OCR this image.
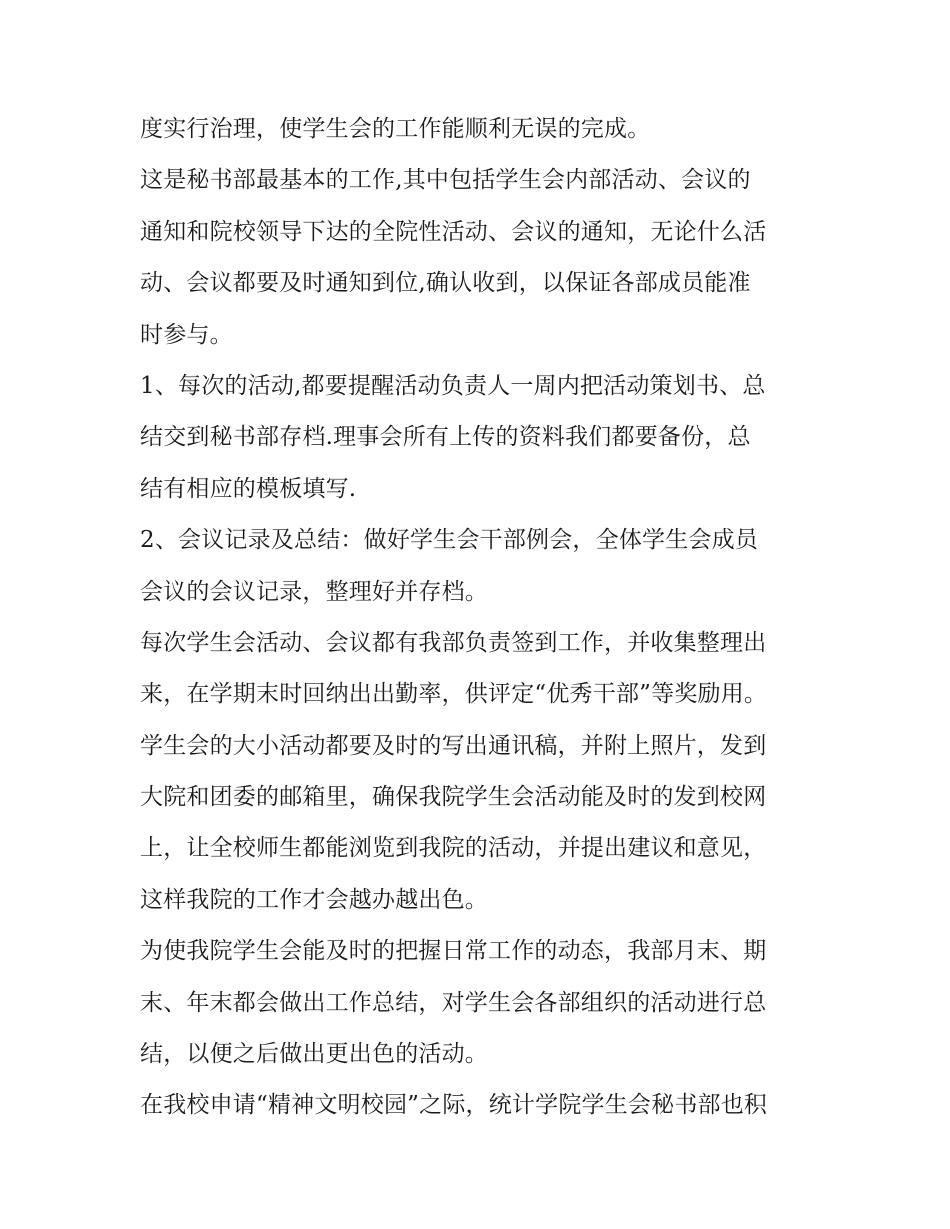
度实行治理，使学生会的工作能顺利无误的完成。
这是秘书部最基本的工作,其中包括学生会内部活动、会议的
通知和院校领导下达的全院性活动、会议的通知，无论什么活
动、会议都要及时通知到位,确认收到，以保证各部成员能准
时参与。
1、每次的活动,都要提醒活动负责人一周内把活动策划书、总
结交到秘书部存档.理事会所有上传的资料我们都要备份，总
结有相应的模板填写.
2、会议记录及总结：做好学生会干部例会，全体学生会成员
会议的会议记录，整理好并存档。
每次学生会活动、会议都有我部负责签到工作，并收集整理出
来，在学期末时回纳出出勤率，供评定“优秀干部”等奖励用。
学生会的大小活动都要及时的写出通讯稿，并附上照片，发到
大院和团委的邮箱里，确保我院学生会活动能及时的发到校网
上，让全校师生都能浏览到我院的活动，并提出建议和意见，
这样我院的工作才会越办越出色。
为使我院学生会能及时的把握日常工作的动态，我部月末、期
末、年末都会做出工作总结，对学生会各部组织的活动进行总
结，以便之后做出更出色的活动。
在我校申请“精神文明校园”之际，统计学院学生会秘书部也积
